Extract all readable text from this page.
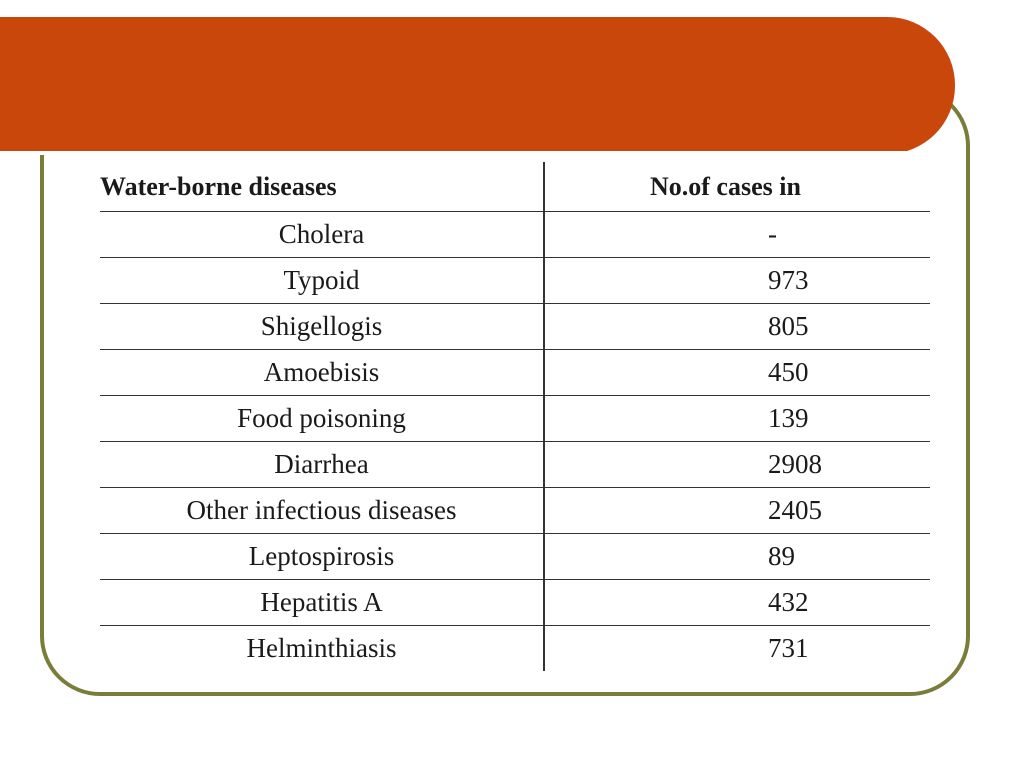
Water-borne diseases	No.of cases in
Cholera	-
Typoid	973
Shigellogis	805
Amoebisis	450
Food poisoning	139
Diarrhea	2908
Other infectious diseases	2405
Leptospirosis	89
Hepatitis A	432
Helminthiasis	731
